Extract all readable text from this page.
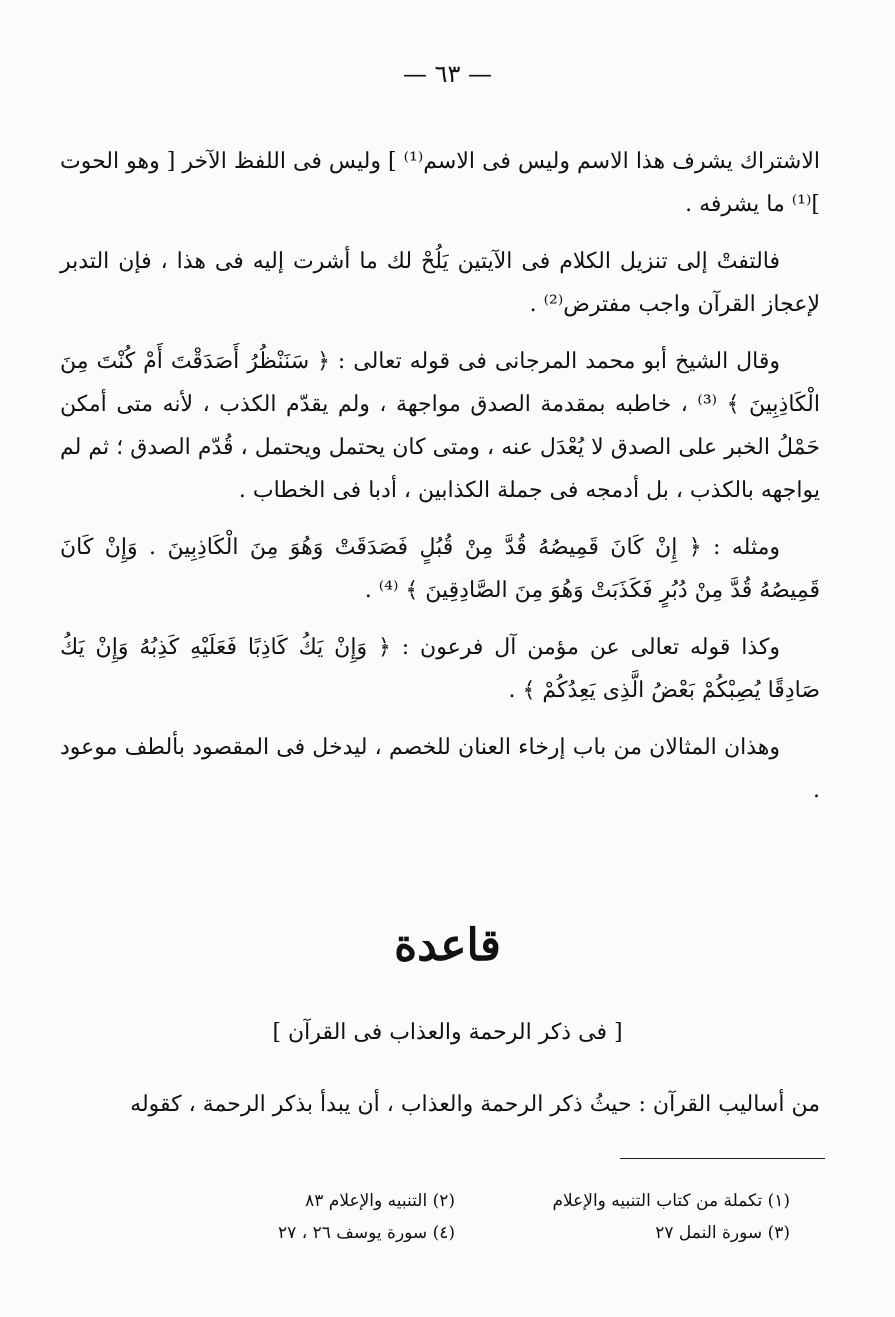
— ٦٣ —

الاشتراك يشرف هذا الاسم وليس فى الاسم⁽¹⁾ ] وليس فى اللفظ الآخر [ وهو الحوت ]⁽¹⁾ ما يشرفه .

فالتفتْ إلى تنزيل الكلام فى الآيتين يَلُحْ لك ما أشرت إليه فى هذا ، فإن التدبر لإعجاز القرآن واجب مفترض⁽²⁾ .

وقال الشيخ أبو محمد المرجانى فى قوله تعالى : ﴿ سَنَنْظُرُ أَصَدَقْتَ أَمْ كُنْتَ مِنَ الْكَاذِبِينَ ﴾ ⁽³⁾ ، خاطبه بمقدمة الصدق مواجهة ، ولم يقدّم الكذب ، لأنه متى أمكن حَمْلُ الخبر على الصدق لا يُعْدَل عنه ، ومتى كان يحتمل ويحتمل ، قُدّم الصدق ؛ ثم لم يواجهه بالكذب ، بل أدمجه فى جملة الكذابين ، أدبا فى الخطاب .

ومثله : ﴿ إِنْ كَانَ قَمِيصُهُ قُدَّ مِنْ قُبُلٍ فَصَدَقَتْ وَهُوَ مِنَ الْكَاذِبِينَ . وَإِنْ كَانَ قَمِيصُهُ قُدَّ مِنْ دُبُرٍ فَكَذَبَتْ وَهُوَ مِنَ الصَّادِقِينَ ﴾ ⁽⁴⁾ .

وكذا قوله تعالى عن مؤمن آل فرعون : ﴿ وَإِنْ يَكُ كَاذِبًا فَعَلَيْهِ كَذِبُهُ وَإِنْ يَكُ صَادِقًا يُصِبْكُمْ بَعْضُ الَّذِى يَعِدُكُمْ ﴾ .

وهذان المثالان من باب إرخاء العنان للخصم ، ليدخل فى المقصود بألطف موعود .

قاعدة
[ فى ذكر الرحمة والعذاب فى القرآن ]
من أساليب القرآن : حيثُ ذكر الرحمة والعذاب ، أن يبدأ بذكر الرحمة ، كقوله
(١) تكملة من كتاب التنبيه والإعلام
(٢) التنبيه والإعلام ٨٣
(٣) سورة النمل ٢٧
(٤) سورة يوسف ٢٦ ، ٢٧
